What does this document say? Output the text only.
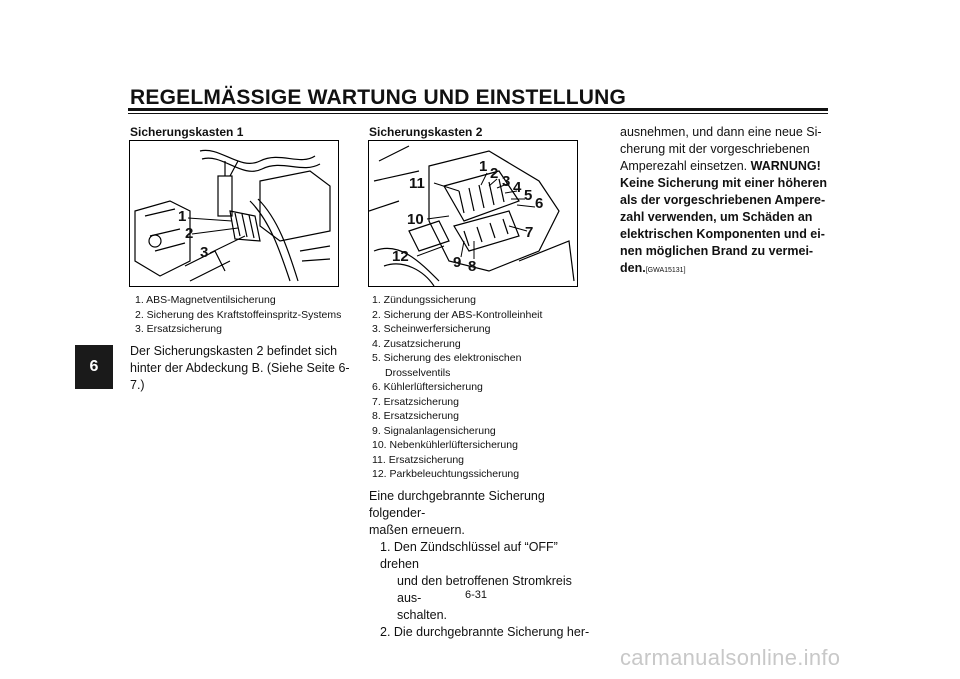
REGELMÄSSIGE WARTUNG UND EINSTELLUNG
6
Sicherungskasten 1
1
2
3
1. ABS-Magnetventilsicherung
2. Sicherung des Kraftstoffeinspritz-Systems
3. Ersatzsicherung
Der Sicherungskasten 2 befindet sich hinter der Abdeckung B. (Siehe Seite 6-7.)
Sicherungskasten 2
1 2 3 4 5 6
7
8
9
10
11
12
1. Zündungssicherung
2. Sicherung der ABS-Kontrolleinheit
3. Scheinwerfersicherung
4. Zusatzsicherung
5. Sicherung des elektronischen
Drosselventils
6. Kühlerlüftersicherung
7. Ersatzsicherung
8. Ersatzsicherung
9. Signalanlagensicherung
10. Nebenkühlerlüftersicherung
11. Ersatzsicherung
12. Parkbeleuchtungssicherung
Eine durchgebrannte Sicherung folgender-
maßen erneuern.
1. Den Zündschlüssel auf “OFF” drehen
und den betroffenen Stromkreis aus-
schalten.
2. Die durchgebrannte Sicherung her-
ausnehmen, und dann eine neue Si-
cherung mit der vorgeschriebenen
Amperezahl einsetzen. WARNUNG!
Keine Sicherung mit einer höheren
als der vorgeschriebenen Ampere-
zahl verwenden, um Schäden an
elektrischen Komponenten und ei-
nen möglichen Brand zu vermei-
den.[GWA15131]
6-31
carmanualsonline.info
